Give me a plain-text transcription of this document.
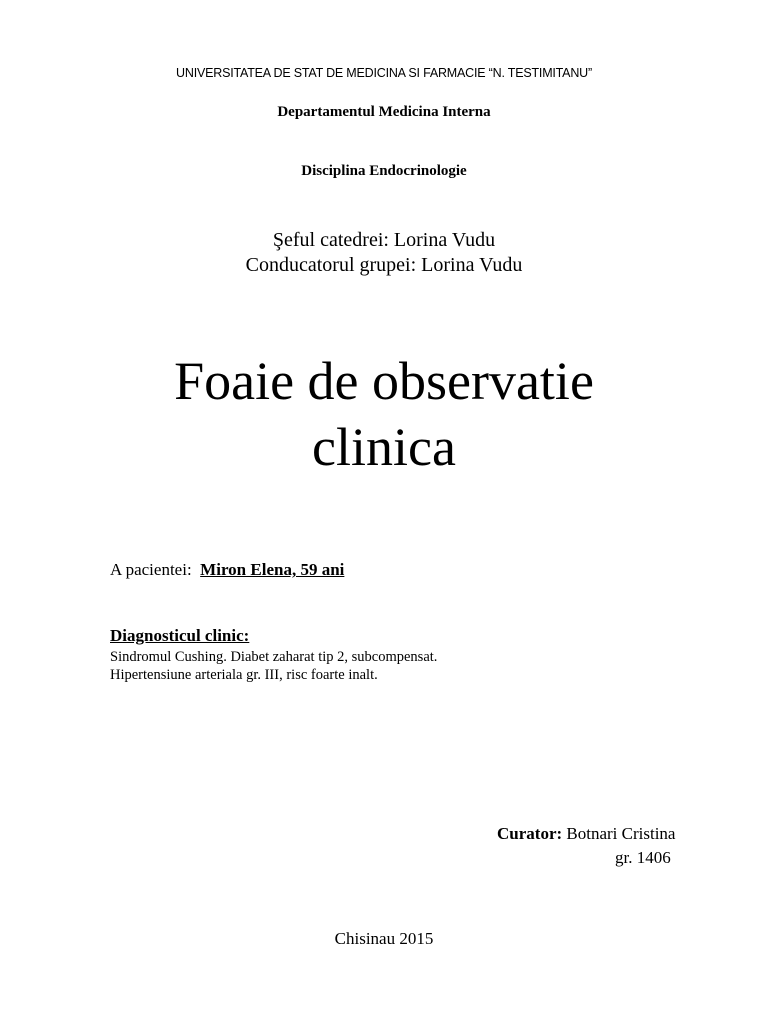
UNIVERSITATEA DE STAT DE MEDICINA SI FARMACIE “N. TESTIMITANU”
Departamentul Medicina Interna
Disciplina Endocrinologie
Şeful catedrei: Lorina Vudu
Conducatorul grupei: Lorina Vudu
Foaie de observatie
clinica
A pacientei: Miron Elena, 59 ani
Diagnosticul clinic:
Sindromul Cushing. Diabet zaharat tip 2, subcompensat.
Hipertensiune arteriala gr. III, risc foarte inalt.
Curator: Botnari Cristina
gr. 1406
Chisinau 2015
